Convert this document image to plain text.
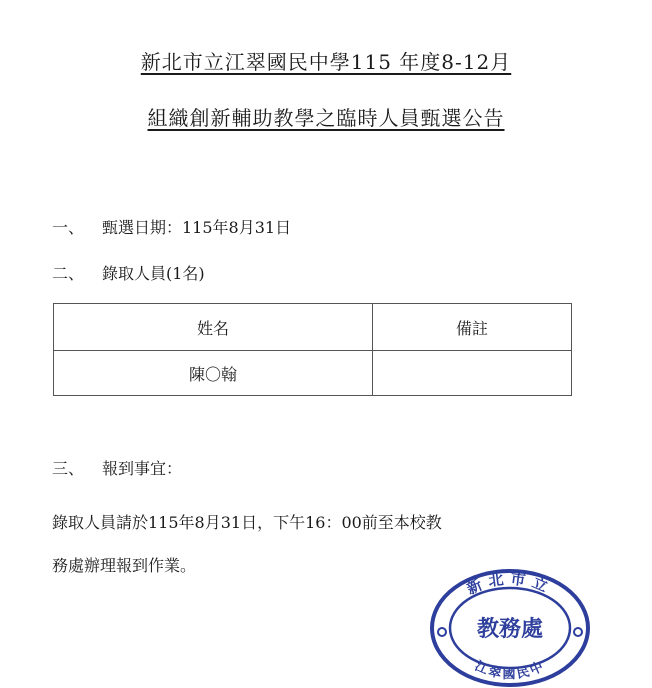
新北市立江翠國民中學115 年度8-12月
組織創新輔助教學之臨時人員甄選公告
一、 甄選日期：115年8月31日
二、 錄取人員(1名)
姓名	備註
陳〇翰	
三、 報到事宜：
錄取人員請於115年8月31日，下午16：00前至本校教
務處辦理報到作業。
新北市立
教務處
江翠國民中
